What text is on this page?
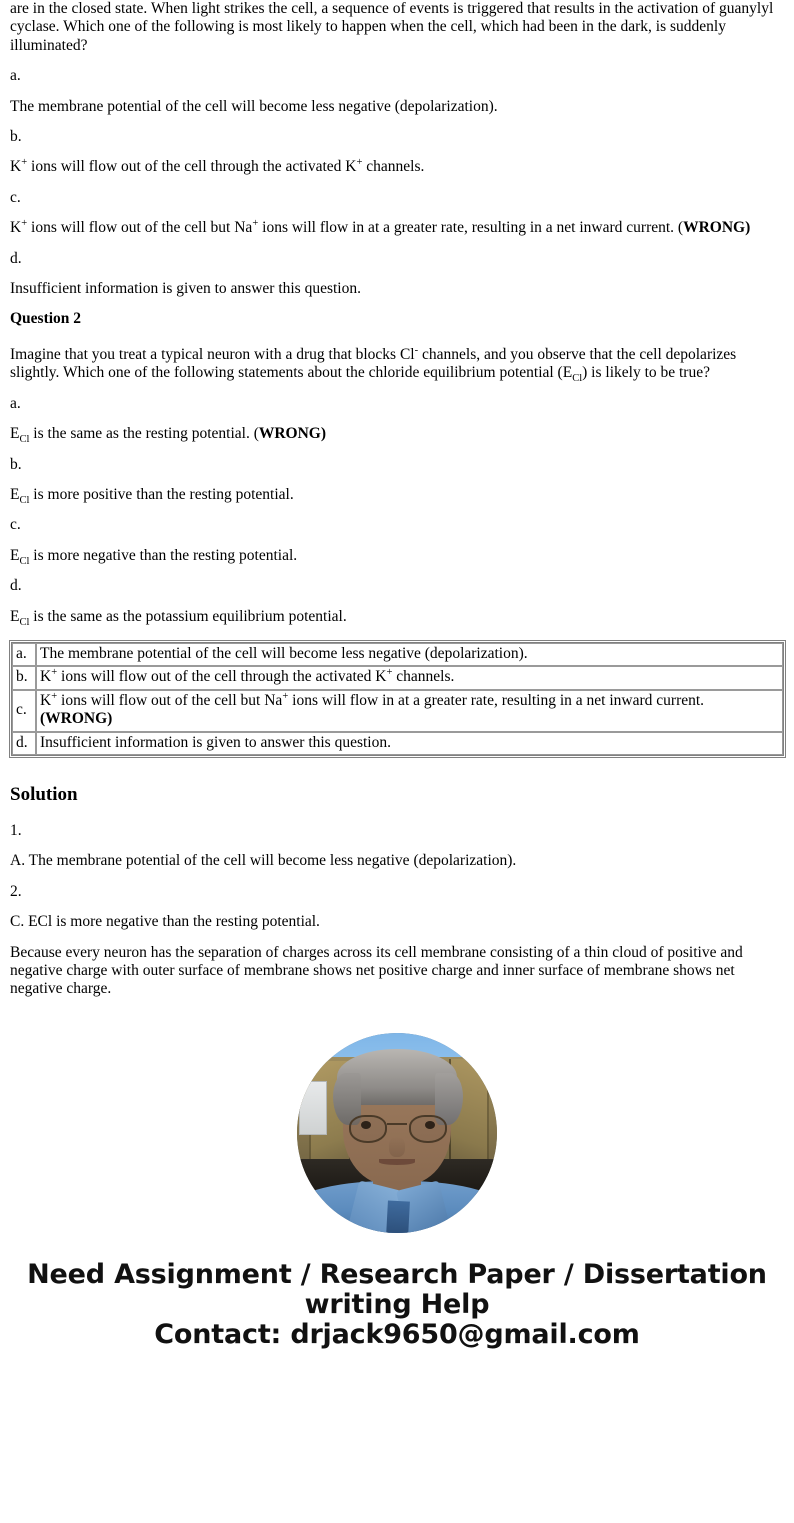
are in the closed state. When light strikes the cell, a sequence of events is triggered that results in the activation of guanylyl cyclase. Which one of the following is most likely to happen when the cell, which had been in the dark, is suddenly illuminated?

a.

The membrane potential of the cell will become less negative (depolarization).

b.

K+ ions will flow out of the cell through the activated K+ channels.

c.

K+ ions will flow out of the cell but Na+ ions will flow in at a greater rate, resulting in a net inward current. (WRONG)

d.

Insufficient information is given to answer this question.

Question 2

Imagine that you treat a typical neuron with a drug that blocks Cl- channels, and you observe that the cell depolarizes slightly. Which one of the following statements about the chloride equilibrium potential $(E_{Cl})$ is likely to be true?

a.

$E_{Cl}$ is the same as the resting potential. (WRONG)

b.

$E_{Cl}$ is more positive than the resting potential.

c.

$E_{Cl}$ is more negative than the resting potential.

d.

$E_{Cl}$ is the same as the potassium equilibrium potential.

a.	The membrane potential of the cell will become less negative (depolarization).
b.	K+ ions will flow out of the cell through the activated K+ channels.
c.	K+ ions will flow out of the cell but Na+ ions will flow in at a greater rate, resulting in a net inward current.
(WRONG)
d.	Insufficient information is given to answer this question.
Solution
1.

A. The membrane potential of the cell will become less negative (depolarization).

2.

C. ECl is more negative than the resting potential.

Because every neuron has the separation of charges across its cell membrane consisting of a thin cloud of positive and negative charge with outer surface of membrane shows net positive charge and inner surface of membrane shows net negative charge.

Need Assignment / Research Paper / Dissertation writing Help
Contact: drjack9650@gmail.com
